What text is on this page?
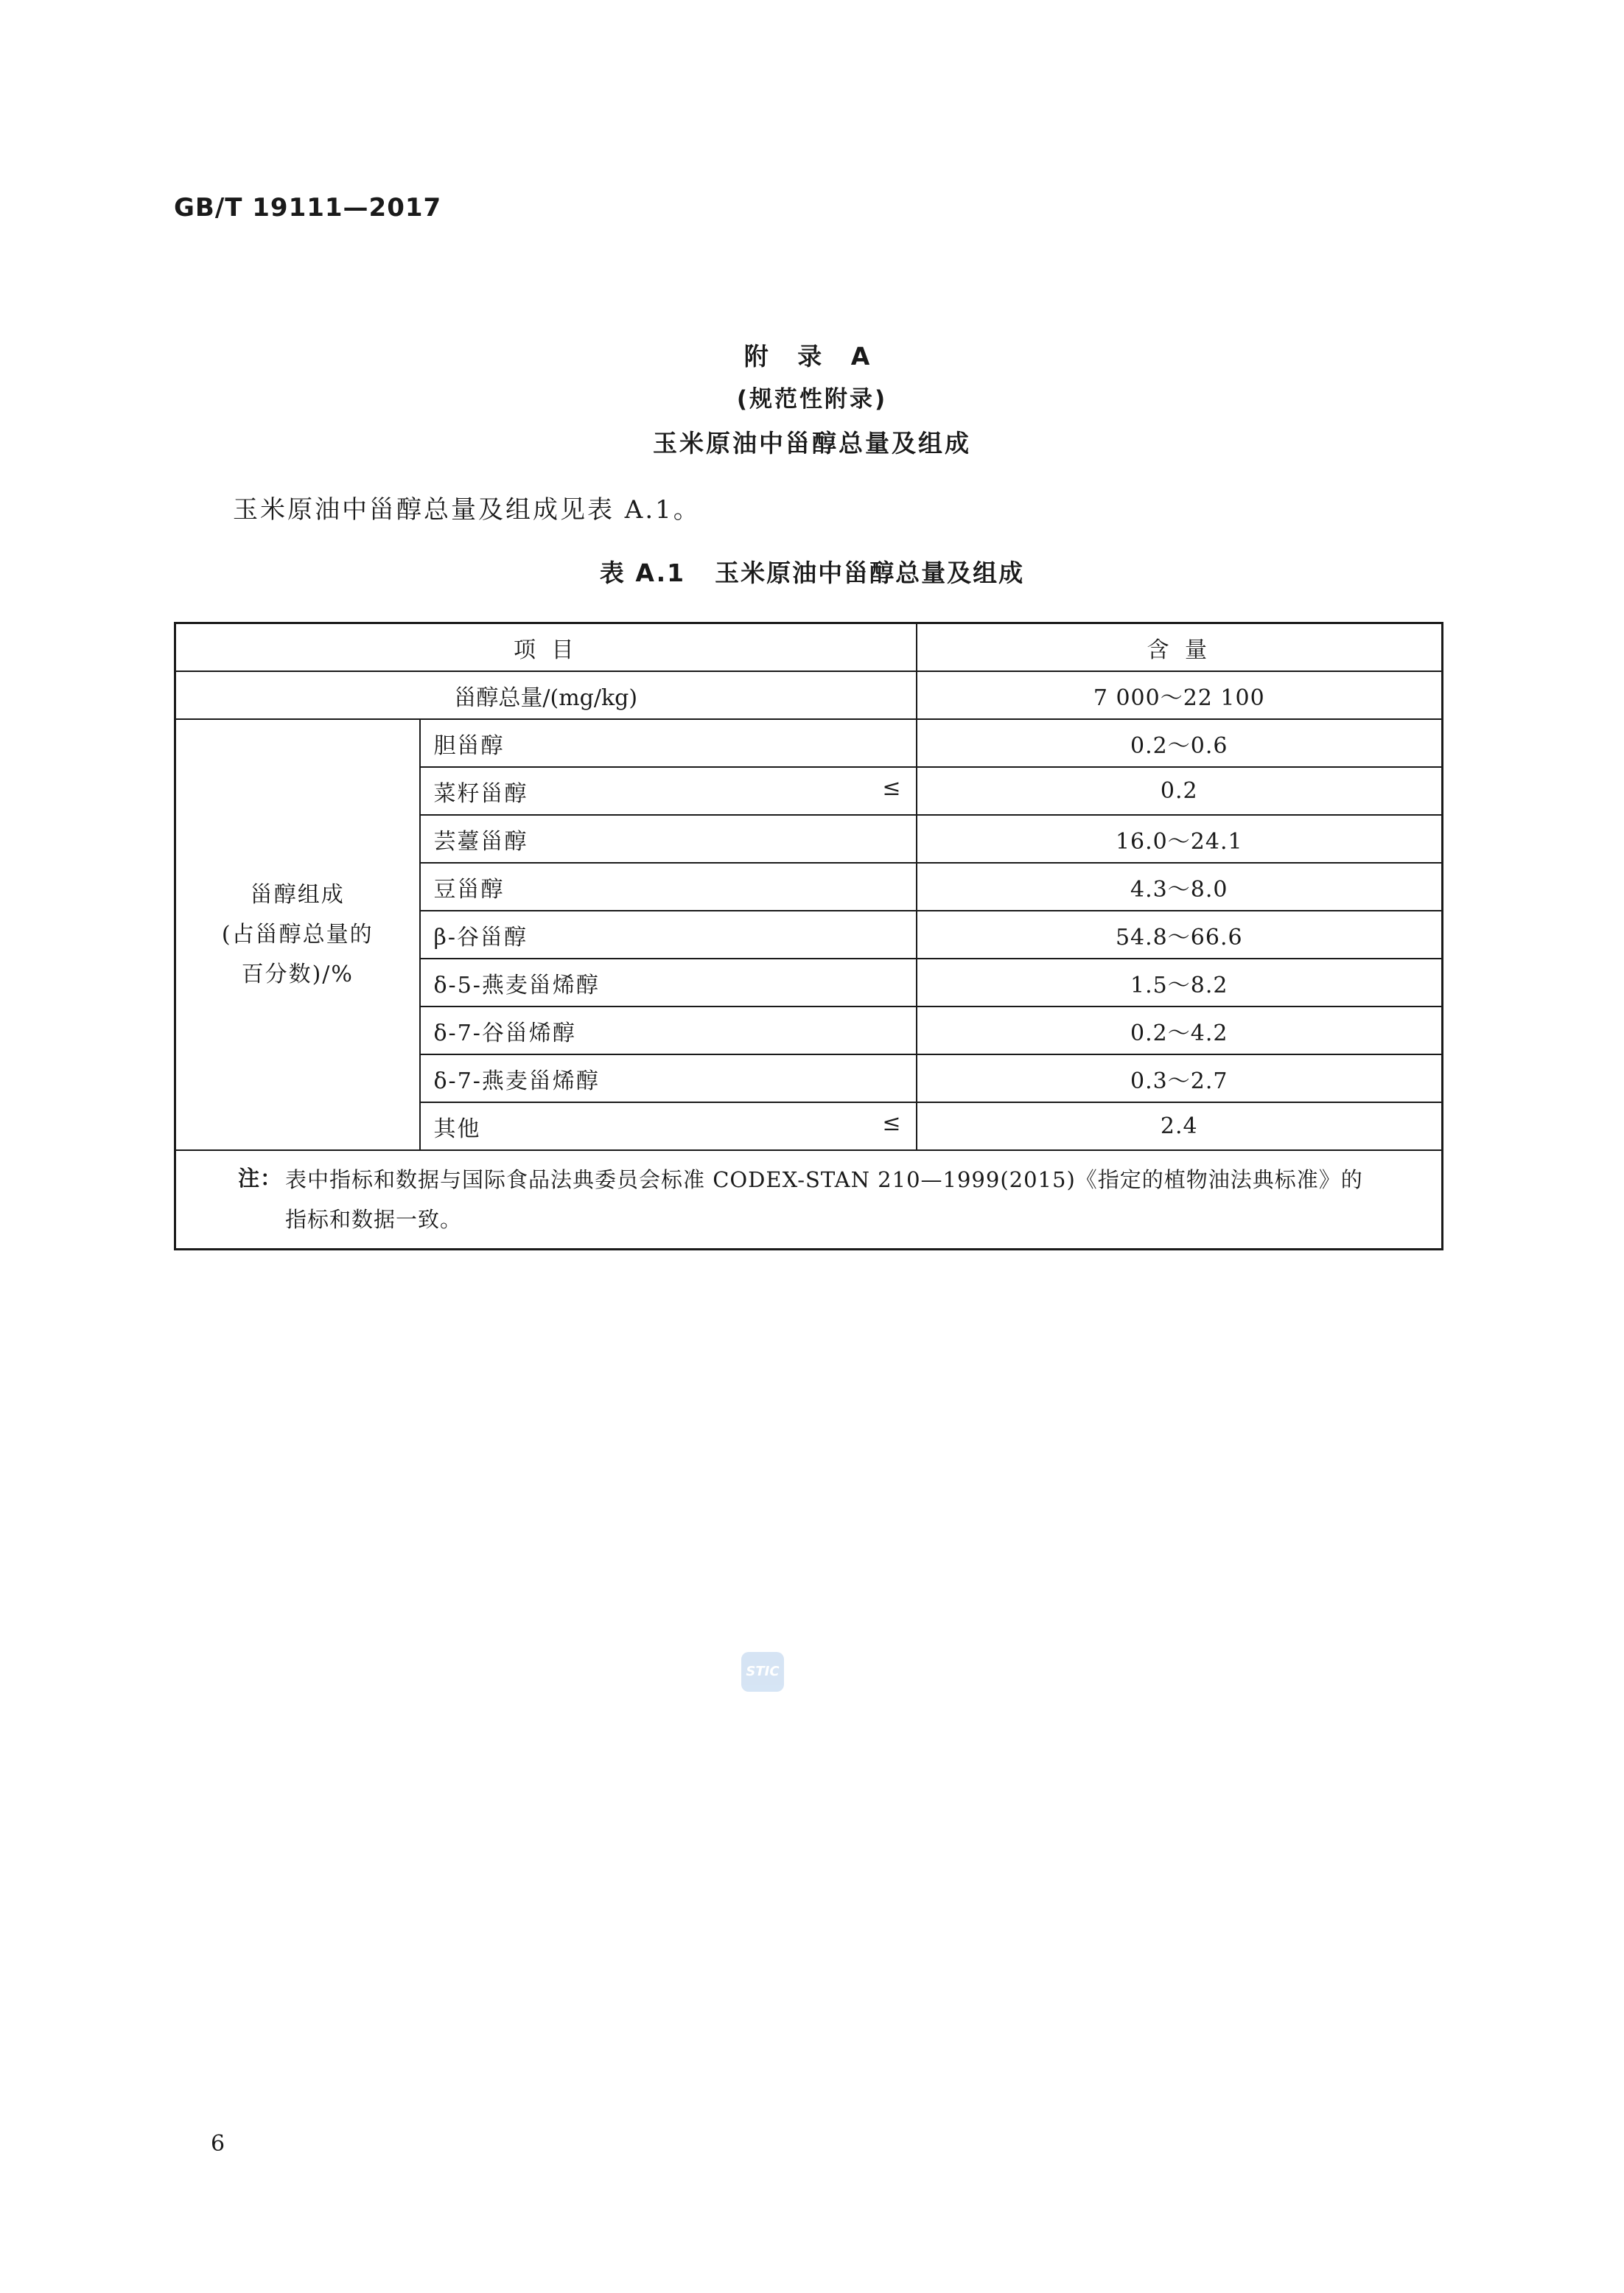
GB/T 19111—2017
附 录 A
(规范性附录)
玉米原油中甾醇总量及组成
玉米原油中甾醇总量及组成见表 A.1。
表 A.1 玉米原油中甾醇总量及组成
项 目		含 量
甾醇总量/(mg/kg)		7 000～22 100

甾醇组成
(占甾醇总量的
百分数)/%	胆甾醇	0.2～0.6
	菜籽甾醇 ≤	0.2
	芸薹甾醇	16.0～24.1
	豆甾醇	4.3～8.0
	β-谷甾醇	54.8～66.6
	δ-5-燕麦甾烯醇	1.5～8.2
	δ-7-谷甾烯醇	0.2～4.2
	δ-7-燕麦甾烯醇	0.3～2.7
	其他 ≤	2.4

注： 表中指标和数据与国际食品法典委员会标准 CODEX-STAN 210—1999(2015)《指定的植物油法典标准》的
指标和数据一致。		
STIC
6
